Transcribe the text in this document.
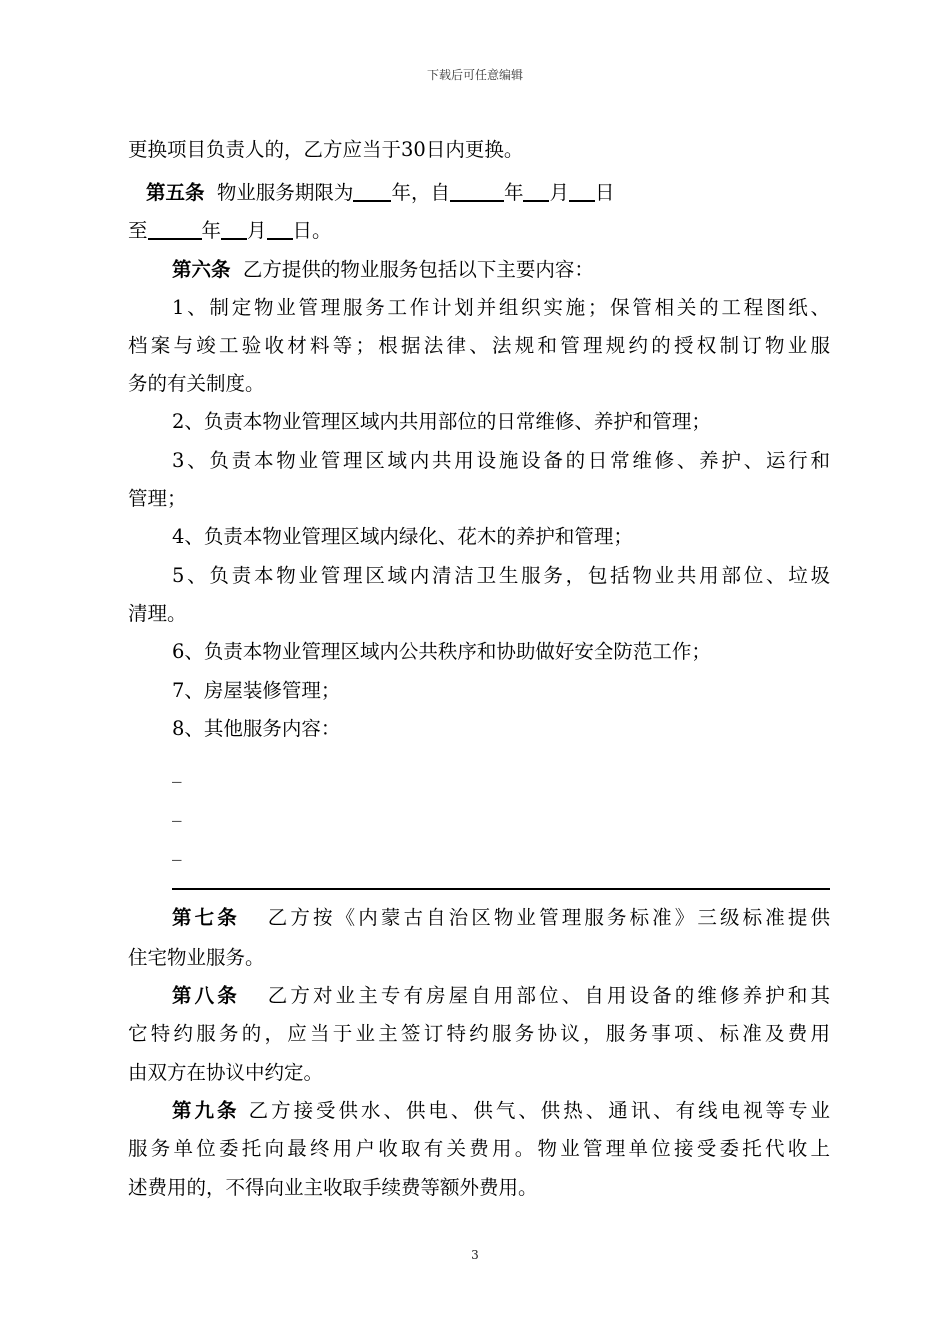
下载后可任意编辑
更换项目负责人的，乙方应当于30日内更换。
第五条 物业服务期限为 年，自	年 月 日
至	年 月 日。
第六条 乙方提供的物业服务包括以下主要内容：
1、制定物业管理服务工作计划并组织实施；保管相关的工程图纸、
档案与竣工验收材料等；根据法律、法规和管理规约的授权制订物业服
务的有关制度。
2、负责本物业管理区域内共用部位的日常维修、养护和管理；
3、负责本物业管理区域内共用设施设备的日常维修、养护、运行和
管理；
4、负责本物业管理区域内绿化、花木的养护和管理；
5、负责本物业管理区域内清洁卫生服务，包括物业共用部位、垃圾
清理。
6、负责本物业管理区域内公共秩序和协助做好安全防范工作；
7、房屋装修管理；
8、其他服务内容：
_
_
_
第七条 乙方按《内蒙古自治区物业管理服务标准》三级标准提供
住宅物业服务。
第八条 乙方对业主专有房屋自用部位、自用设备的维修养护和其
它特约服务的，应当于业主签订特约服务协议，服务事项、标准及费用
由双方在协议中约定。
第九条 乙方接受供水、供电、供气、供热、通讯、有线电视等专业
服务单位委托向最终用户收取有关费用。物业管理单位接受委托代收上
述费用的，不得向业主收取手续费等额外费用。
3
